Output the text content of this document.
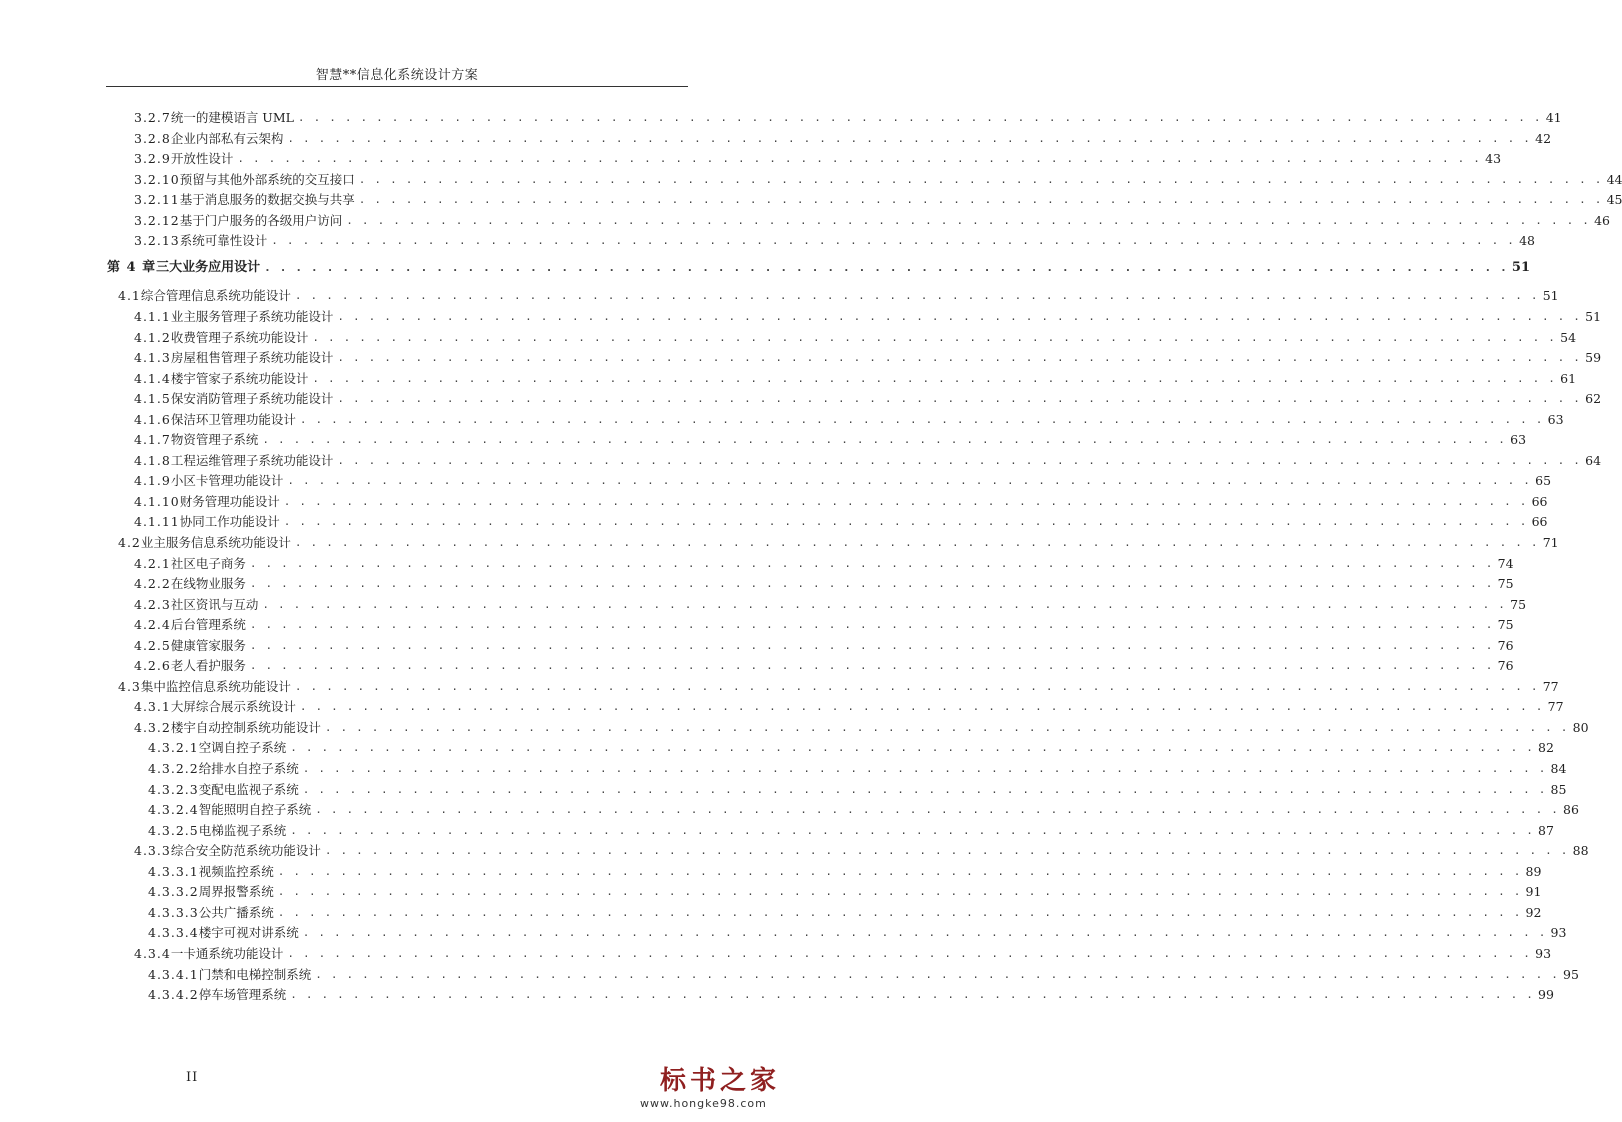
智慧**信息化系统设计方案
3.2.7 统一的建模语言 UML . . . . . . . . . . . . . . . . . . . . . . . . . . . . . . . . . . . . . . . . . . . . . . . . . . . . . . . . . . . . . . . . . . . . . . . . . . . . . . . . 41
3.2.8 企业内部私有云架构 . . . . . . . . . . . . . . . . . . . . . . . . . . . . . . . . . . . . . . . . . . . . . . . . . . . . . . . . . . . . . . . . . . . . . . . . . . . . . . . . 42
3.2.9 开放性设计 . . . . . . . . . . . . . . . . . . . . . . . . . . . . . . . . . . . . . . . . . . . . . . . . . . . . . . . . . . . . . . . . . . . . . . . . . . . . . . . . 43
3.2.10 预留与其他外部系统的交互接口 . . . . . . . . . . . . . . . . . . . . . . . . . . . . . . . . . . . . . . . . . . . . . . . . . . . . . . . . . . . . . . . . . . . . . . . . . . . . . . . . 44
3.2.11 基于消息服务的数据交换与共享 . . . . . . . . . . . . . . . . . . . . . . . . . . . . . . . . . . . . . . . . . . . . . . . . . . . . . . . . . . . . . . . . . . . . . . . . . . . . . . . . 45
3.2.12 基于门户服务的各级用户访问 . . . . . . . . . . . . . . . . . . . . . . . . . . . . . . . . . . . . . . . . . . . . . . . . . . . . . . . . . . . . . . . . . . . . . . . . . . . . . . . . 46
3.2.13 系统可靠性设计 . . . . . . . . . . . . . . . . . . . . . . . . . . . . . . . . . . . . . . . . . . . . . . . . . . . . . . . . . . . . . . . . . . . . . . . . . . . . . . . . 48
第 4 章 三大业务应用设计 . . . . . . . . . . . . . . . . . . . . . . . . . . . . . . . . . . . . . . . . . . . . . . . . . . . . . . . . . . . . . . . . . . . . . . . . . . . . . . . . 51
4.1 综合管理信息系统功能设计 . . . . . . . . . . . . . . . . . . . . . . . . . . . . . . . . . . . . . . . . . . . . . . . . . . . . . . . . . . . . . . . . . . . . . . . . . . . . . . . . 51
4.1.1 业主服务管理子系统功能设计 . . . . . . . . . . . . . . . . . . . . . . . . . . . . . . . . . . . . . . . . . . . . . . . . . . . . . . . . . . . . . . . . . . . . . . . . . . . . . . . . 51
4.1.2 收费管理子系统功能设计 . . . . . . . . . . . . . . . . . . . . . . . . . . . . . . . . . . . . . . . . . . . . . . . . . . . . . . . . . . . . . . . . . . . . . . . . . . . . . . . . 54
4.1.3 房屋租售管理子系统功能设计 . . . . . . . . . . . . . . . . . . . . . . . . . . . . . . . . . . . . . . . . . . . . . . . . . . . . . . . . . . . . . . . . . . . . . . . . . . . . . . . . 59
4.1.4 楼宇管家子系统功能设计 . . . . . . . . . . . . . . . . . . . . . . . . . . . . . . . . . . . . . . . . . . . . . . . . . . . . . . . . . . . . . . . . . . . . . . . . . . . . . . . . 61
4.1.5 保安消防管理子系统功能设计 . . . . . . . . . . . . . . . . . . . . . . . . . . . . . . . . . . . . . . . . . . . . . . . . . . . . . . . . . . . . . . . . . . . . . . . . . . . . . . . . 62
4.1.6 保洁环卫管理功能设计 . . . . . . . . . . . . . . . . . . . . . . . . . . . . . . . . . . . . . . . . . . . . . . . . . . . . . . . . . . . . . . . . . . . . . . . . . . . . . . . . 63
4.1.7 物资管理子系统 . . . . . . . . . . . . . . . . . . . . . . . . . . . . . . . . . . . . . . . . . . . . . . . . . . . . . . . . . . . . . . . . . . . . . . . . . . . . . . . . 63
4.1.8 工程运维管理子系统功能设计 . . . . . . . . . . . . . . . . . . . . . . . . . . . . . . . . . . . . . . . . . . . . . . . . . . . . . . . . . . . . . . . . . . . . . . . . . . . . . . . . 64
4.1.9 小区卡管理功能设计 . . . . . . . . . . . . . . . . . . . . . . . . . . . . . . . . . . . . . . . . . . . . . . . . . . . . . . . . . . . . . . . . . . . . . . . . . . . . . . . . 65
4.1.10 财务管理功能设计 . . . . . . . . . . . . . . . . . . . . . . . . . . . . . . . . . . . . . . . . . . . . . . . . . . . . . . . . . . . . . . . . . . . . . . . . . . . . . . . . 66
4.1.11 协同工作功能设计 . . . . . . . . . . . . . . . . . . . . . . . . . . . . . . . . . . . . . . . . . . . . . . . . . . . . . . . . . . . . . . . . . . . . . . . . . . . . . . . . 66
4.2 业主服务信息系统功能设计 . . . . . . . . . . . . . . . . . . . . . . . . . . . . . . . . . . . . . . . . . . . . . . . . . . . . . . . . . . . . . . . . . . . . . . . . . . . . . . . . 71
4.2.1 社区电子商务 . . . . . . . . . . . . . . . . . . . . . . . . . . . . . . . . . . . . . . . . . . . . . . . . . . . . . . . . . . . . . . . . . . . . . . . . . . . . . . . . 74
4.2.2 在线物业服务 . . . . . . . . . . . . . . . . . . . . . . . . . . . . . . . . . . . . . . . . . . . . . . . . . . . . . . . . . . . . . . . . . . . . . . . . . . . . . . . . 75
4.2.3 社区资讯与互动 . . . . . . . . . . . . . . . . . . . . . . . . . . . . . . . . . . . . . . . . . . . . . . . . . . . . . . . . . . . . . . . . . . . . . . . . . . . . . . . . 75
4.2.4 后台管理系统 . . . . . . . . . . . . . . . . . . . . . . . . . . . . . . . . . . . . . . . . . . . . . . . . . . . . . . . . . . . . . . . . . . . . . . . . . . . . . . . . 75
4.2.5 健康管家服务 . . . . . . . . . . . . . . . . . . . . . . . . . . . . . . . . . . . . . . . . . . . . . . . . . . . . . . . . . . . . . . . . . . . . . . . . . . . . . . . . 76
4.2.6 老人看护服务 . . . . . . . . . . . . . . . . . . . . . . . . . . . . . . . . . . . . . . . . . . . . . . . . . . . . . . . . . . . . . . . . . . . . . . . . . . . . . . . . 76
4.3 集中监控信息系统功能设计 . . . . . . . . . . . . . . . . . . . . . . . . . . . . . . . . . . . . . . . . . . . . . . . . . . . . . . . . . . . . . . . . . . . . . . . . . . . . . . . . 77
4.3.1 大屏综合展示系统设计 . . . . . . . . . . . . . . . . . . . . . . . . . . . . . . . . . . . . . . . . . . . . . . . . . . . . . . . . . . . . . . . . . . . . . . . . . . . . . . . . 77
4.3.2 楼宇自动控制系统功能设计 . . . . . . . . . . . . . . . . . . . . . . . . . . . . . . . . . . . . . . . . . . . . . . . . . . . . . . . . . . . . . . . . . . . . . . . . . . . . . . . . 80
4.3.2.1 空调自控子系统 . . . . . . . . . . . . . . . . . . . . . . . . . . . . . . . . . . . . . . . . . . . . . . . . . . . . . . . . . . . . . . . . . . . . . . . . . . . . . . . . 82
4.3.2.2 给排水自控子系统 . . . . . . . . . . . . . . . . . . . . . . . . . . . . . . . . . . . . . . . . . . . . . . . . . . . . . . . . . . . . . . . . . . . . . . . . . . . . . . . . 84
4.3.2.3 变配电监视子系统 . . . . . . . . . . . . . . . . . . . . . . . . . . . . . . . . . . . . . . . . . . . . . . . . . . . . . . . . . . . . . . . . . . . . . . . . . . . . . . . . 85
4.3.2.4 智能照明自控子系统 . . . . . . . . . . . . . . . . . . . . . . . . . . . . . . . . . . . . . . . . . . . . . . . . . . . . . . . . . . . . . . . . . . . . . . . . . . . . . . . . 86
4.3.2.5 电梯监视子系统 . . . . . . . . . . . . . . . . . . . . . . . . . . . . . . . . . . . . . . . . . . . . . . . . . . . . . . . . . . . . . . . . . . . . . . . . . . . . . . . . 87
4.3.3 综合安全防范系统功能设计 . . . . . . . . . . . . . . . . . . . . . . . . . . . . . . . . . . . . . . . . . . . . . . . . . . . . . . . . . . . . . . . . . . . . . . . . . . . . . . . . 88
4.3.3.1 视频监控系统 . . . . . . . . . . . . . . . . . . . . . . . . . . . . . . . . . . . . . . . . . . . . . . . . . . . . . . . . . . . . . . . . . . . . . . . . . . . . . . . . 89
4.3.3.2 周界报警系统 . . . . . . . . . . . . . . . . . . . . . . . . . . . . . . . . . . . . . . . . . . . . . . . . . . . . . . . . . . . . . . . . . . . . . . . . . . . . . . . . 91
4.3.3.3 公共广播系统 . . . . . . . . . . . . . . . . . . . . . . . . . . . . . . . . . . . . . . . . . . . . . . . . . . . . . . . . . . . . . . . . . . . . . . . . . . . . . . . . 92
4.3.3.4 楼宇可视对讲系统 . . . . . . . . . . . . . . . . . . . . . . . . . . . . . . . . . . . . . . . . . . . . . . . . . . . . . . . . . . . . . . . . . . . . . . . . . . . . . . . . 93
4.3.4 一卡通系统功能设计 . . . . . . . . . . . . . . . . . . . . . . . . . . . . . . . . . . . . . . . . . . . . . . . . . . . . . . . . . . . . . . . . . . . . . . . . . . . . . . . . 93
4.3.4.1 门禁和电梯控制系统 . . . . . . . . . . . . . . . . . . . . . . . . . . . . . . . . . . . . . . . . . . . . . . . . . . . . . . . . . . . . . . . . . . . . . . . . . . . . . . . . 95
4.3.4.2 停车场管理系统 . . . . . . . . . . . . . . . . . . . . . . . . . . . . . . . . . . . . . . . . . . . . . . . . . . . . . . . . . . . . . . . . . . . . . . . . . . . . . . . . 99
II	标书之家
www.hongke98.com
